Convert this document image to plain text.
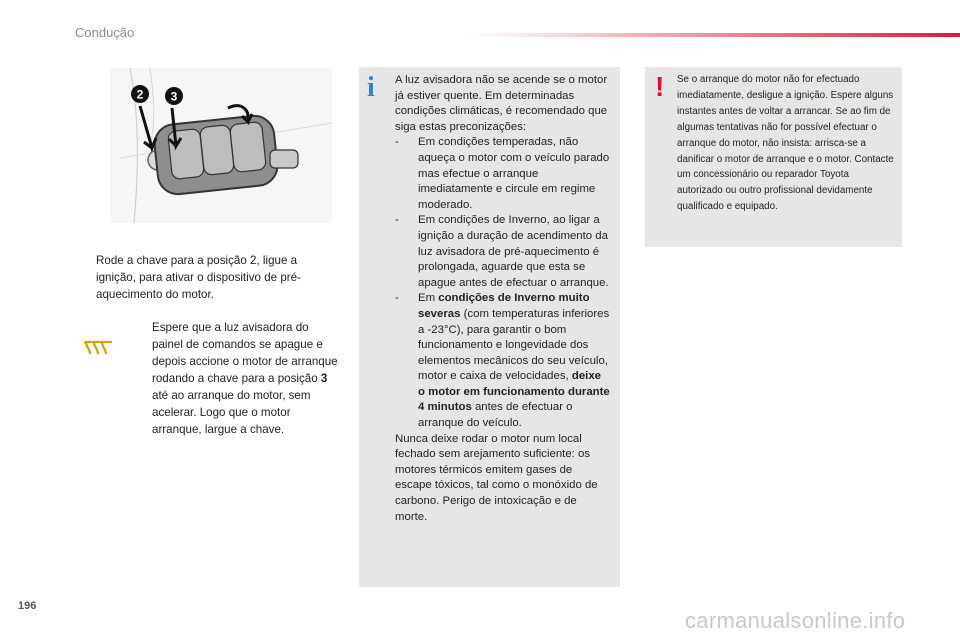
Condução
2 3
Rode a chave para a posição 2, ligue a ignição, para ativar o dispositivo de pré-aquecimento do motor.
Espere que a luz avisadora do painel de comandos se apague e depois accione o motor de arranque rodando a chave para a posição 3 até ao arranque do motor, sem acelerar. Logo que o motor arranque, largue a chave.
i A luz avisadora não se acende se o motor já estiver quente. Em determinadas condições climáticas, é recomendado que siga estas preconizações:
- Em condições temperadas, não aqueça o motor com o veículo parado mas efectue o arranque imediatamente e circule em regime moderado.
- Em condições de Inverno, ao ligar a ignição a duração de acendimento da luz avisadora de pré-aquecimento é prolongada, aguarde que esta se apague antes de efectuar o arranque.
- Em condições de Inverno muito severas (com temperaturas inferiores a -23°C), para garantir o bom funcionamento e longevidade dos elementos mecânicos do seu veículo, motor e caixa de velocidades, deixe o motor em funcionamento durante 4 minutos antes de efectuar o arranque do veículo.
Nunca deixe rodar o motor num local fechado sem arejamento suficiente: os motores térmicos emitem gases de escape tóxicos, tal como o monóxido de carbono. Perigo de intoxicação e de morte.
! Se o arranque do motor não for efectuado imediatamente, desligue a ignição. Espere alguns instantes antes de voltar a arrancar. Se ao fim de algumas tentativas não for possível efectuar o arranque do motor, não insista: arrisca-se a danificar o motor de arranque e o motor. Contacte um concessionário ou reparador Toyota autorizado ou outro profissional devidamente qualificado e equipado.
196
carmanualsonline.info
